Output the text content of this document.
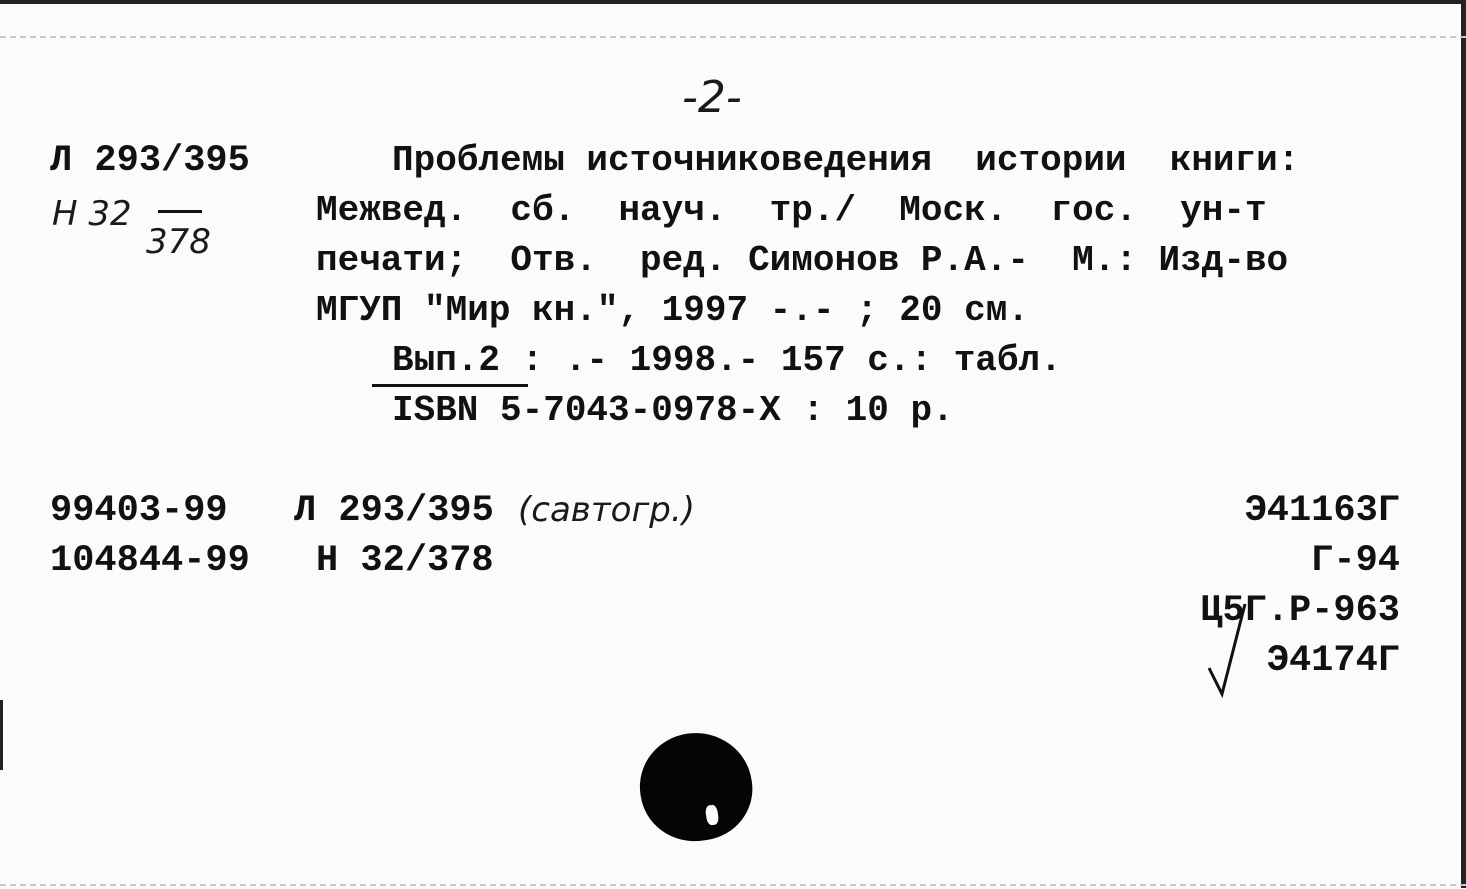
-2-
Л 293/395
Н 32
378
Проблемы источниковедения  истории  книги:
Межвед.  сб.  науч.  тр./  Моск.  гос.  ун-т
печати;  Отв.  ред. Симонов Р.А.-  М.: Изд-во
МГУП "Мир кн.", 1997 -.- ; 20 см.
Вып.2 : .- 1998.- 157 с.: табл.
ISBN 5-7043-0978-X : 10 р.
99403-99 Л 293/395 (савтогр.)
104844-99 Н 32/378
Э41163Г
Г-94
Ц5Г.Р-963
Э4174Г
